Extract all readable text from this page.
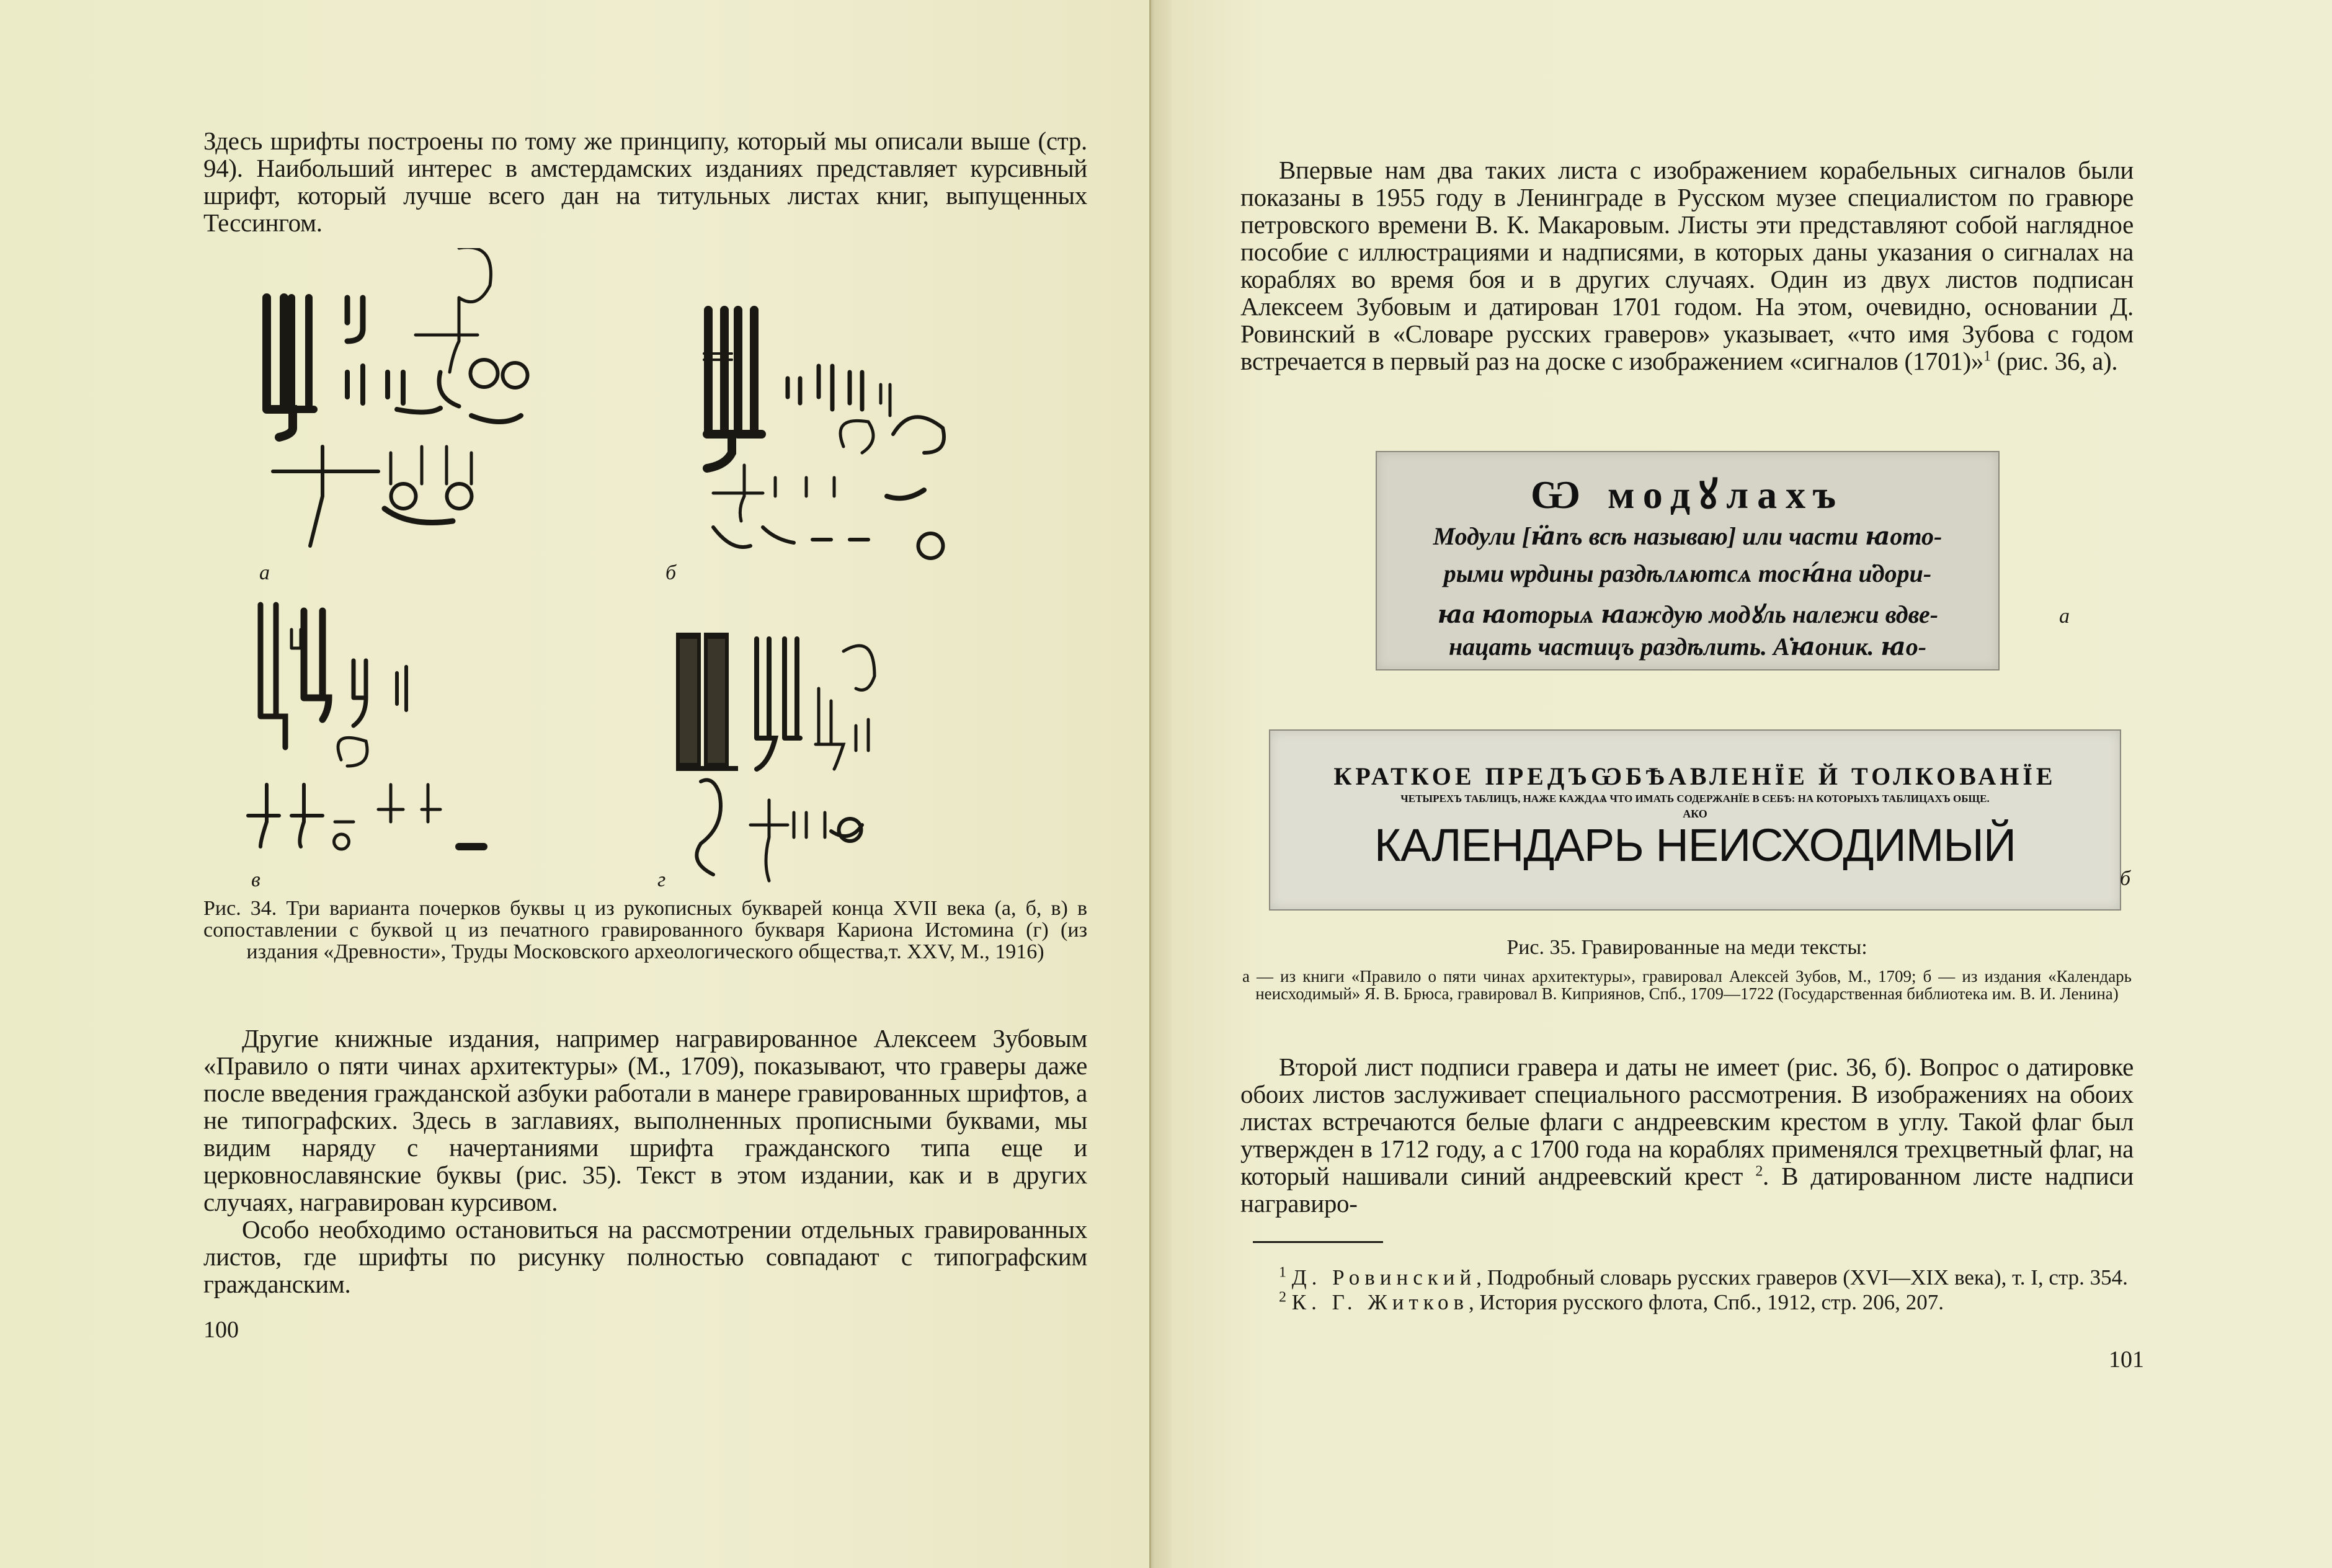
Здесь шрифты построены по тому же принципу, который мы описали выше (стр. 94). Наибольший интерес в амстердамских изданиях представляет курсивный шрифт, который лучше всего дан на титульных листах книг, выпущенных Тессингом.

а	б
в	г
Рис. 34. Три варианта почерков буквы ц из рукописных букварей конца XVII века (а, б, в) в сопоставлении с буквой ц из печатного гравированного букваря Кариона Истомина (г) (из издания «Древности», Труды Московского археологического общества,т. XXV, М., 1916)

Другие книжные издания, например награвированное Алексеем Зубовым «Правило о пяти чинах архитектуры» (М., 1709), показывают, что граверы даже после введения гражданской азбуки работали в манере гравированных шрифтов, а не типографских. Здесь в заглавиях, выполненных прописными буквами, мы видим наряду с начертаниями шрифта гражданского типа еще и церковнославянские буквы (рис. 35). Текст в этом издании, как и в других случаях, награвирован курсивом.

Особо необходимо остановиться на рассмотрении отдельных гравированных листов, где шрифты по рисунку полностью совпадают с типографским гражданским.

100

Впервые нам два таких листа с изображением корабельных сигналов были показаны в 1955 году в Ленинграде в Русском музее специалистом по гравюре петровского времени В. К. Макаровым. Листы эти представляют собой наглядное пособие с иллюстрациями и надписями, в которых даны указания о сигналах на кораблях во время боя и в других случаях. Один из двух листов подписан Алексеем Зубовым и датирован 1701 годом. На этом, очевидно, основании Д. Ровинский в «Словаре русских граверов» указывает, «что имя Зубова с годом встречается в первый раз на доске с изображением «сигналов (1701)»$^1$ (рис. 36, а).

Ѡ модꙋлахъ
Модули [ꙗ̈пъ всѣ называю] или части ꙗото-
рыми ѡрдины раздѣлѧютсѧ тосꙗ́на и̇дори-
ꙗа ꙗоторыѧ ꙗаждую модꙋль належи вдве-
нацать частицъ раздѣлить. А̇ꙗоник. ꙗо-
а
КРАТКОЕ ПРЕДЪѠБѢАВЛЕНЇЕ Й ТОЛКОВАНЇЕ
ЧЕТЫРЕХЪ ТАБЛИЦЪ, НАЖЕ КАЖДАѦ ЧТО ИМАТЬ СОДЕРЖАНЇЕ В СЕБѢ: НА КОТОРЫХЪ ТАБЛИЦАХЪ ОБЩЕ.
АКО
КАЛЕНДАРЬ НЕИСХОДИМЫЙ
б
Рис. 35. Гравированные на меди тексты:
а — из книги «Правило о пяти чинах архитектуры», гравировал Алексей Зубов, М., 1709; б — из издания «Календарь неисходимый» Я. В. Брюса, гравировал В. Киприянов, Спб., 1709—1722 (Государственная библиотека им. В. И. Ленина)

Второй лист подписи гравера и даты не имеет (рис. 36, б). Вопрос о датировке обоих листов заслуживает специального рассмотрения. В изображениях на обоих листах встречаются белые флаги с андреевским крестом в углу. Такой флаг был утвержден в 1712 году, а с 1700 года на кораблях применялся трехцветный флаг, на который нашивали синий андреевский крест $^2$. В датированном листе надписи награвиро-

$^1$ Д. Ровинский, Подробный словарь русских граверов (XVI—XIX века), т. I, стр. 354.
$^2$ К. Г. Житков, История русского флота, Спб., 1912, стр. 206, 207.
101
